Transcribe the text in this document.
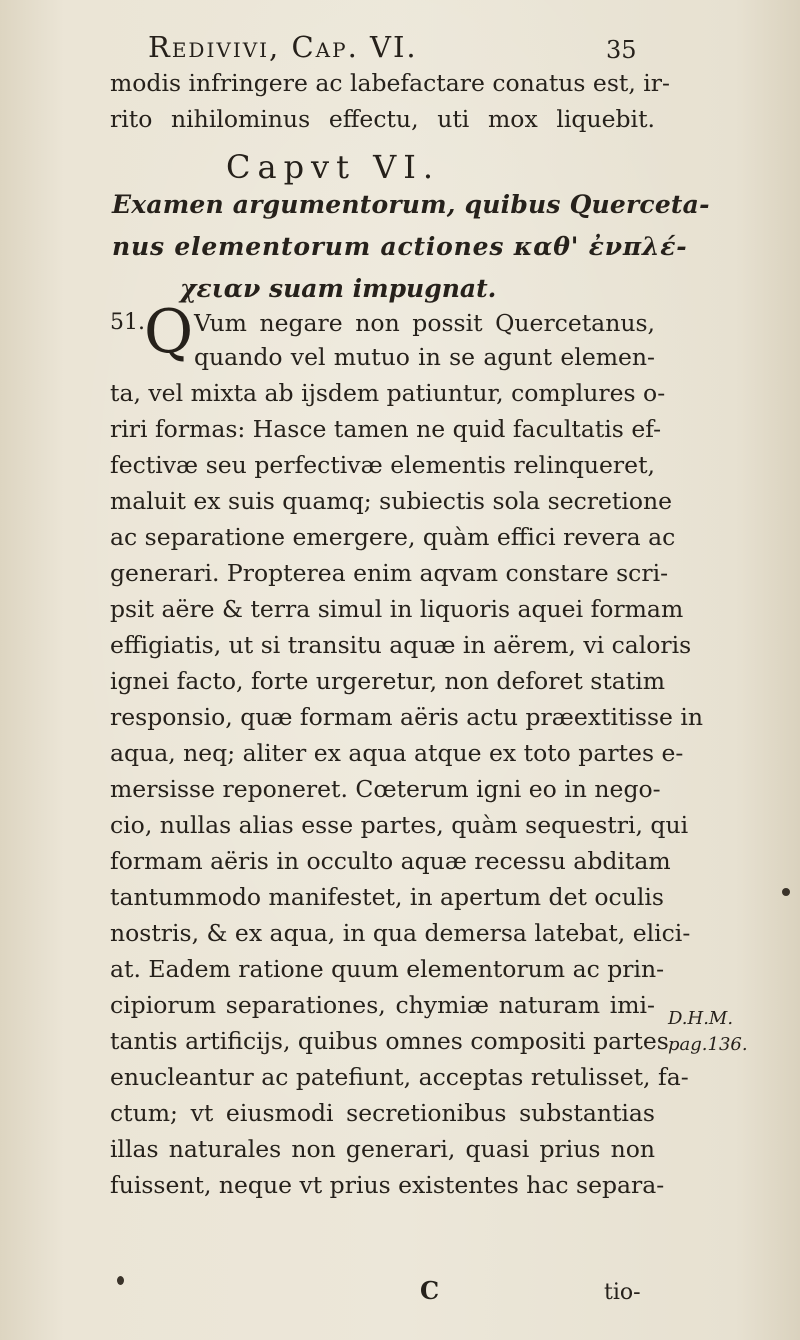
Redivivi, Cap. VI.	35
modis infringere ac labefactare conatus est, ir-
rito nihilominus effectu, uti mox liquebit.
Capvt VI.
Examen argumentorum, quibus Querceta-
nus elementorum actiones καθ' ἐνπλέ-
χειαν suam impugnat.
51. Q Vum negare non possit Quercetanus,
quando vel mutuo in se agunt elemen-
ta, vel mixta ab ijsdem patiuntur, complures o-
riri formas: Hasce tamen ne quid facultatis ef-
fectivæ seu perfectivæ elementis relinqueret,
maluit ex suis quamq; subiectis sola secretione
ac separatione emergere, quàm effici revera ac
generari. Propterea enim aqvam constare scri-
psit aëre & terra simul in liquoris aquei formam
effigiatis, ut si transitu aquæ in aërem, vi caloris
ignei facto, forte urgeretur, non deforet statim
responsio, quæ formam aëris actu præextitisse in
aqua, neq; aliter ex aqua atque ex toto partes e-
mersisse reponeret. Cœterum igni eo in nego-
cio, nullas alias esse partes, quàm sequestri, qui
formam aëris in occulto aquæ recessu abditam
tantummodo manifestet, in apertum det oculis
nostris, & ex aqua, in qua demersa latebat, elici-
at. Eadem ratione quum elementorum ac prin-
cipiorum separationes, chymiæ naturam imi-
tantis artificijs, quibus omnes compositi partes
enucleantur ac patefiunt, acceptas retulisset, fa-
ctum; vt eiusmodi secretionibus substantias
illas naturales non generari, quasi prius non
fuissent, neque vt prius existentes hac separa-
D.H.M.
pag.136.
C	tio-
